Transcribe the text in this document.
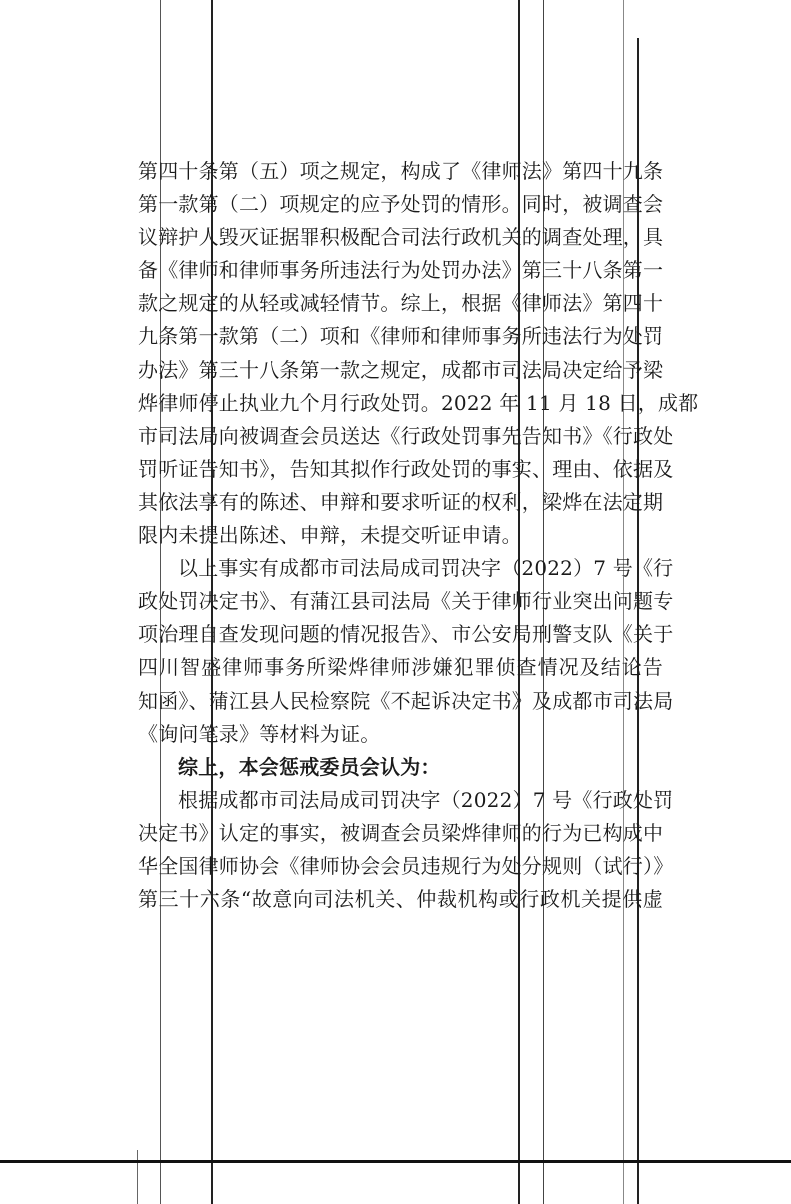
第四十条第（五）项之规定，构成了《律师法》第四十九条
第一款第（二）项规定的应予处罚的情形。同时，被调查会
议辩护人毁灭证据罪积极配合司法行政机关的调查处理，具
备《律师和律师事务所违法行为处罚办法》第三十八条第一
款之规定的从轻或减轻情节。综上，根据《律师法》第四十
九条第一款第（二）项和《律师和律师事务所违法行为处罚
办法》第三十八条第一款之规定，成都市司法局决定给予梁
烨律师停止执业九个月行政处罚。2022 年 11 月 18 日，成都
市司法局向被调查会员送达《行政处罚事先告知书》《行政处
罚听证告知书》，告知其拟作行政处罚的事实、理由、依据及
其依法享有的陈述、申辩和要求听证的权利，梁烨在法定期
限内未提出陈述、申辩，未提交听证申请。
以上事实有成都市司法局成司罚决字（2022）7 号《行
政处罚决定书》、有蒲江县司法局《关于律师行业突出问题专
项治理自查发现问题的情况报告》、市公安局刑警支队《关于
四川智盛律师事务所梁烨律师涉嫌犯罪侦查情况及结论告
知函》、蒲江县人民检察院《不起诉决定书》及成都市司法局
《询问笔录》等材料为证。
综上，本会惩戒委员会认为：
根据成都市司法局成司罚决字（2022）7 号《行政处罚
决定书》认定的事实，被调查会员梁烨律师的行为已构成中
华全国律师协会《律师协会会员违规行为处分规则（试行）》
第三十六条“故意向司法机关、仲裁机构或行政机关提供虚
